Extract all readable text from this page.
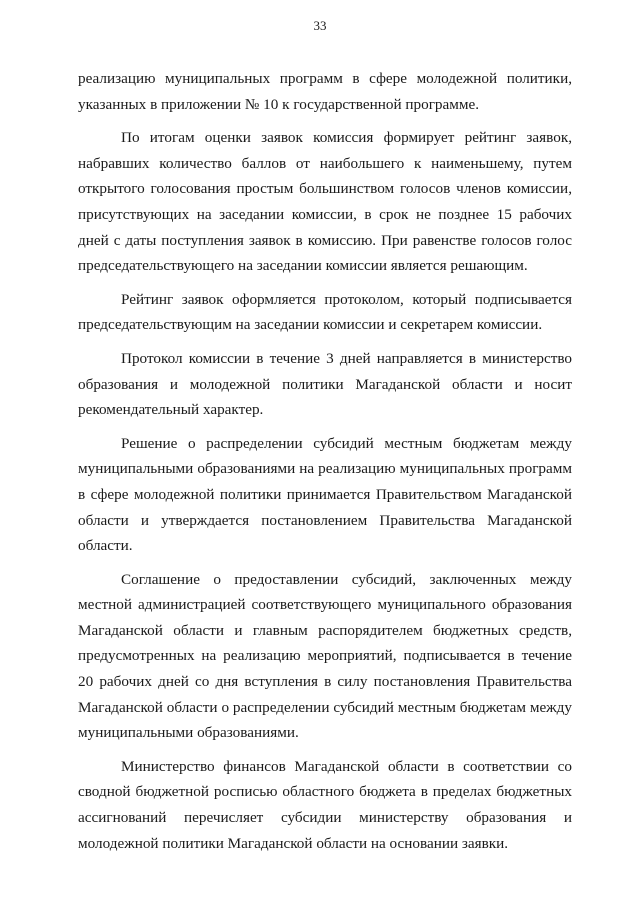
33

реализацию муниципальных программ в сфере молодежной политики, указанных в приложении № 10 к государственной программе.

По итогам оценки заявок комиссия формирует рейтинг заявок, набравших количество баллов от наибольшего к наименьшему, путем открытого голосования простым большинством голосов членов комиссии, присутствующих на заседании комиссии, в срок не позднее 15 рабочих дней с даты поступления заявок в комиссию. При равенстве голосов голос председательствующего на заседании комиссии является решающим.

Рейтинг заявок оформляется протоколом, который подписывается председательствующим на заседании комиссии и секретарем комиссии.

Протокол комиссии в течение 3 дней направляется в министерство образования и молодежной политики Магаданской области и носит рекомендательный характер.

Решение о распределении субсидий местным бюджетам между муниципальными образованиями на реализацию муниципальных программ в сфере молодежной политики принимается Правительством Магаданской области и утверждается постановлением Правительства Магаданской области.

Соглашение о предоставлении субсидий, заключенных между местной администрацией соответствующего муниципального образования Магаданской области и главным распорядителем бюджетных средств, предусмотренных на реализацию мероприятий, подписывается в течение 20 рабочих дней со дня вступления в силу постановления Правительства Магаданской области о распределении субсидий местным бюджетам между муниципальными образованиями.

Министерство финансов Магаданской области в соответствии со сводной бюджетной росписью областного бюджета в пределах бюджетных ассигнований перечисляет субсидии министерству образования и молодежной политики Магаданской области на основании заявки.
